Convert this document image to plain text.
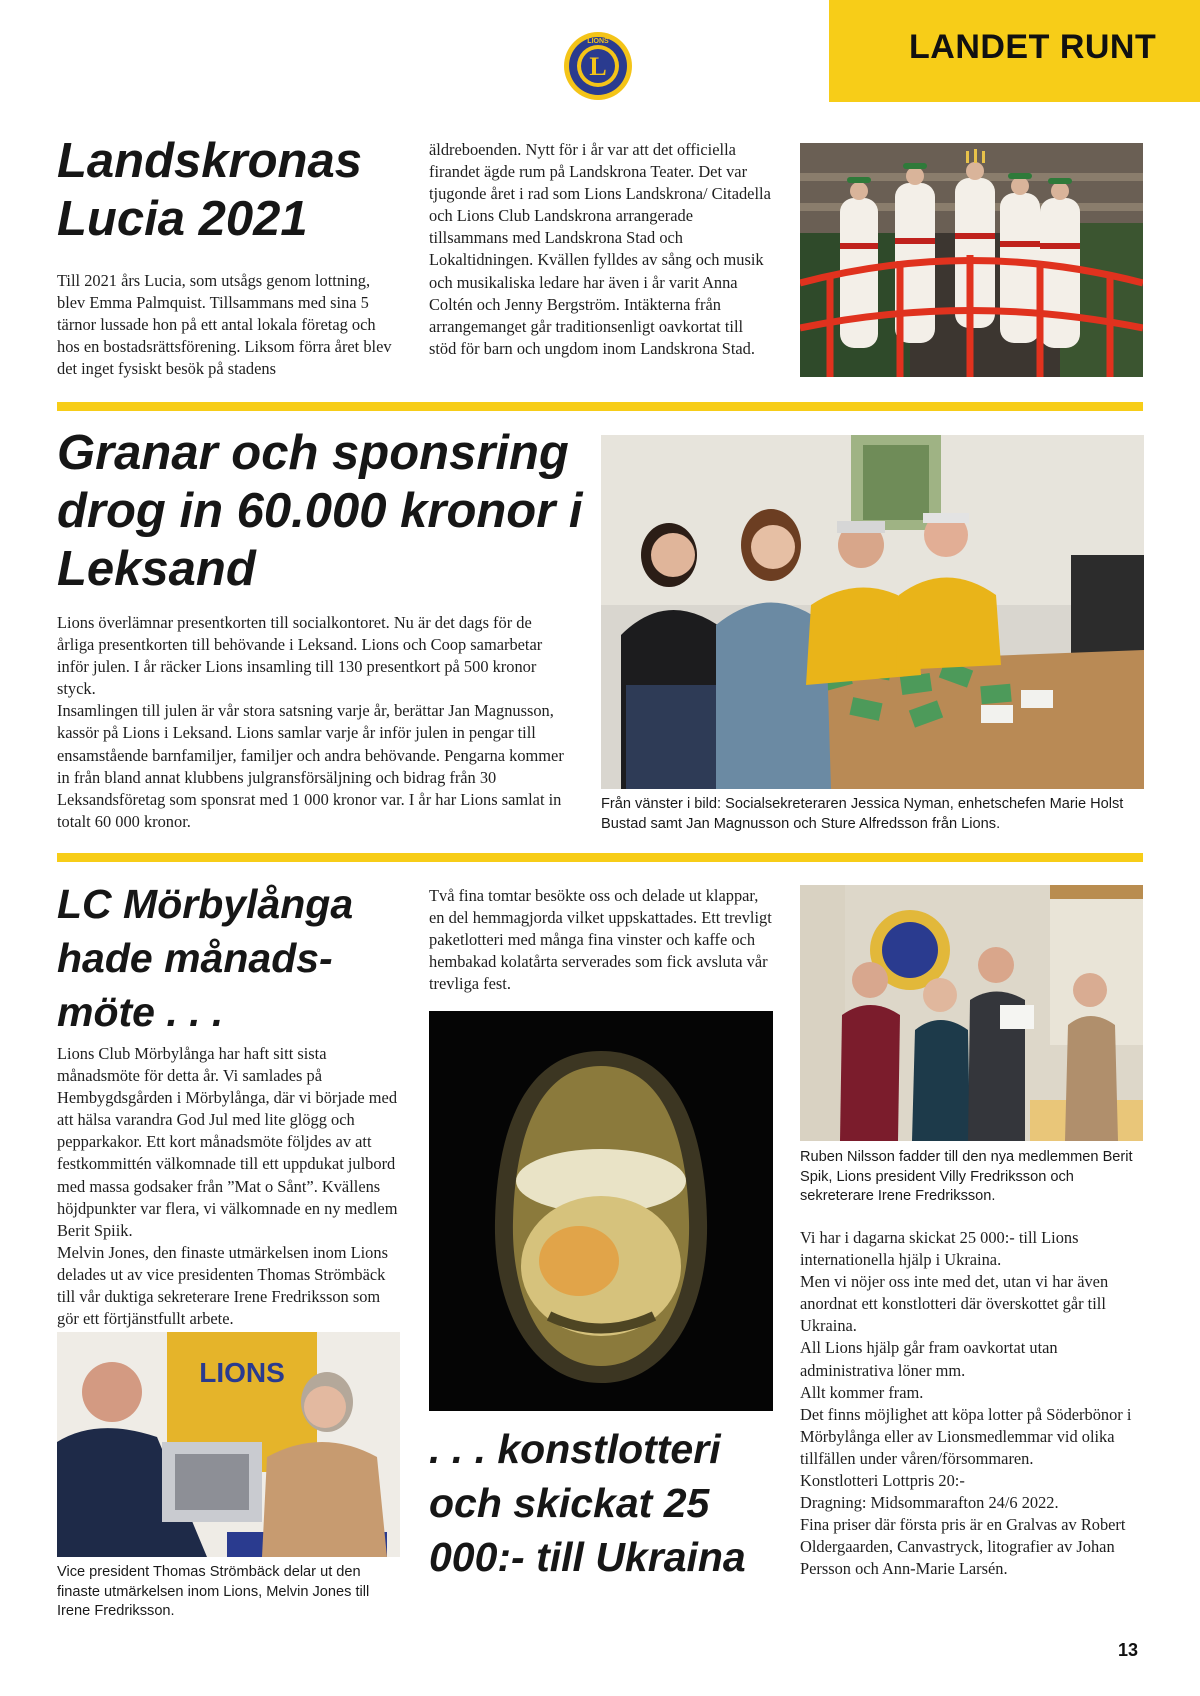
LANDET RUNT
L
LIONS
Landskronas Lucia 2021

Till 2021 års Lucia, som utsågs genom lottning, blev Emma Palmquist. Tillsammans med sina 5 tärnor lussade hon på ett antal lokala företag och hos en bostadsrättsförening. Liksom förra året blev det inget fysiskt besök på stadens

äldreboenden. Nytt för i år var att det officiella firandet ägde rum på Landskrona Teater. Det var tjugonde året i rad som Lions Landskrona/ Citadella och Lions Club Landskrona arrangerade tillsammans med Landskrona Stad och Lokaltidningen. Kvällen fylldes av sång och musik och musikaliska ledare har även i år varit Anna Coltén och Jenny Bergström. Intäkterna från arrangemanget går traditionsenligt oavkortat till stöd för barn och ungdom inom Landskrona Stad.

Granar och sponsring drog in 60.000 kronor i Leksand

Lions överlämnar presentkorten till socialkontoret. Nu är det dags för de årliga presentkorten till behövande i Leksand. Lions och Coop samarbetar inför julen. I år räcker Lions insamling till 130 presentkort på 500 kronor styck.

Insamlingen till julen är vår stora satsning varje år, berättar Jan Magnusson, kassör på Lions i Leksand. Lions samlar varje år inför julen in pengar till ensamstående barnfamiljer, familjer och andra behövande. Pengarna kommer in från bland annat klubbens julgransförsäljning och bidrag från 30 Leksandsföretag som sponsrat med 1 000 kronor var. I år har Lions samlat in totalt 60 000 kronor.

Från vänster i bild: Socialsekreteraren Jessica Nyman, enhetschefen Marie Holst Bustad samt Jan Magnusson och Sture Alfredsson från Lions.
LC Mörbylånga hade månads-möte . . .

Lions Club Mörbylånga har haft sitt sista månadsmöte för detta år. Vi samlades på Hembygdsgården i Mörbylånga, där vi började med att hälsa varandra God Jul med lite glögg och pepparkakor. Ett kort månadsmöte följdes av att festkommittén välkomnade till ett uppdukat julbord med massa godsaker från ”Mat o Sånt”. Kvällens höjdpunkter var flera, vi välkomnade en ny medlem Berit Spiik.

Melvin Jones, den finaste utmärkelsen inom Lions delades ut av vice presidenten Thomas Strömbäck till vår duktiga sekreterare Irene Fredriksson som gör ett förtjänstfullt arbete.

LIONS
Vice president Thomas Strömbäck delar ut den finaste utmärkelsen inom Lions, Melvin Jones till Irene Fredriksson.

Två fina tomtar besökte oss och delade ut klappar, en del hemmagjorda vilket uppskattades. Ett trevligt paketlotteri med många fina vinster och kaffe och hembakad kolatårta serverades som fick avsluta vår trevliga fest.

. . . konstlotteri och skickat 25 000:- till Ukraina
Ruben Nilsson fadder till den nya medlemmen Berit Spik, Lions president Villy Fredriksson och sekreterare Irene Fredriksson.

Vi har i dagarna skickat 25 000:- till Lions internationella hjälp i Ukraina.

Men vi nöjer oss inte med det, utan vi har även anordnat ett konstlotteri där överskottet går till Ukraina.

All Lions hjälp går fram oavkortat utan administrativa löner mm.

Allt kommer fram.

Det finns möjlighet att köpa lotter på Söderbönor i Mörbylånga eller av Lionsmedlemmar vid olika tillfällen under våren/försommaren.

Konstlotteri Lottpris 20:-

Dragning: Midsommarafton 24/6 2022.

Fina priser där första pris är en Gralvas av Robert Oldergaarden, Canvastryck, litografier av Johan Persson och Ann-Marie Larsén.

13
